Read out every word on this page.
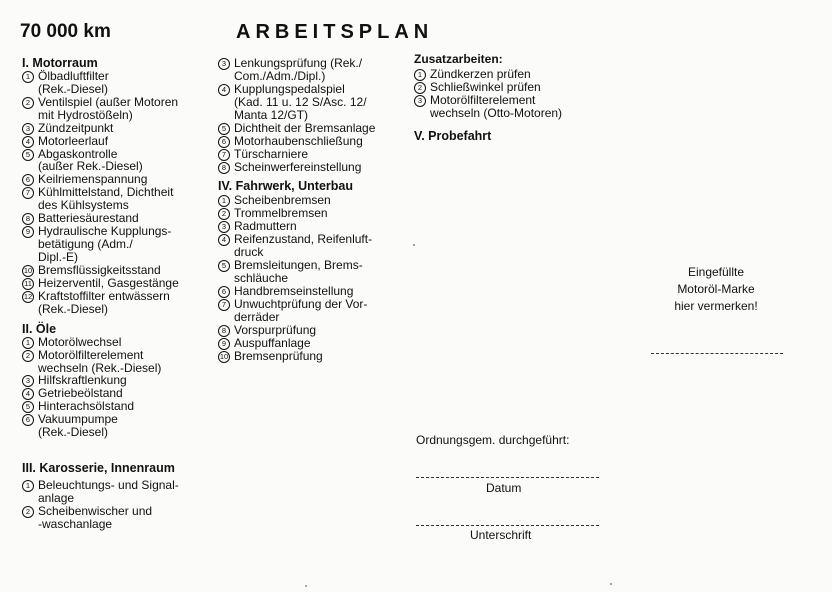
70 000 km	ARBEITSPLAN
I. Motorraum
1 Ölbadluftfilter
(Rek.-Diesel)
2 Ventilspiel (außer Motoren
mit Hydrostößeln)
3 Zündzeitpunkt
4 Motorleerlauf
5 Abgaskontrolle
(außer Rek.-Diesel)
6 Keilriemenspannung
7 Kühlmittelstand, Dichtheit
des Kühlsystems
8 Batteriesäurestand
9 Hydraulische Kupplungs-
betätigung (Adm./
Dipl.-E)
10 Bremsflüssigkeitsstand
11 Heizerventil, Gasgestänge
12 Kraftstoffilter entwässern
(Rek.-Diesel)
II. Öle
1 Motorölwechsel
2 Motorölfilterelement
wechseln (Rek.-Diesel)
3 Hilfskraftlenkung
4 Getriebeölstand
5 Hinterachsölstand
6 Vakuumpumpe
(Rek.-Diesel)
III. Karosserie, Innenraum
1 Beleuchtungs- und Signal-
anlage
2 Scheibenwischer und
-waschanlage
3 Lenkungsprüfung (Rek./
Com./Adm./Dipl.)
4 Kupplungspedalspiel
(Kad. 11 u. 12 S/Asc. 12/
Manta 12/GT)
5 Dichtheit der Bremsanlage
6 Motorhaubenschließung
7 Türscharniere
8 Scheinwerfereinstellung
IV. Fahrwerk, Unterbau
1 Scheibenbremsen
2 Trommelbremsen
3 Radmuttern
4 Reifenzustand, Reifenluft-
druck
5 Bremsleitungen, Brems-
schläuche
6 Handbremseinstellung
7 Unwuchtprüfung der Vor-
derräder
8 Vorspurprüfung
9 Auspuffanlage
10 Bremsenprüfung
Zusatzarbeiten:
1 Zündkerzen prüfen
2 Schließwinkel prüfen
3 Motorölfilterelement
wechseln (Otto-Motoren)
V. Probefahrt
Eingefüllte
Motoröl-Marke
hier vermerken!
Ordnungsgem. durchgeführt:
Datum
Unterschrift
